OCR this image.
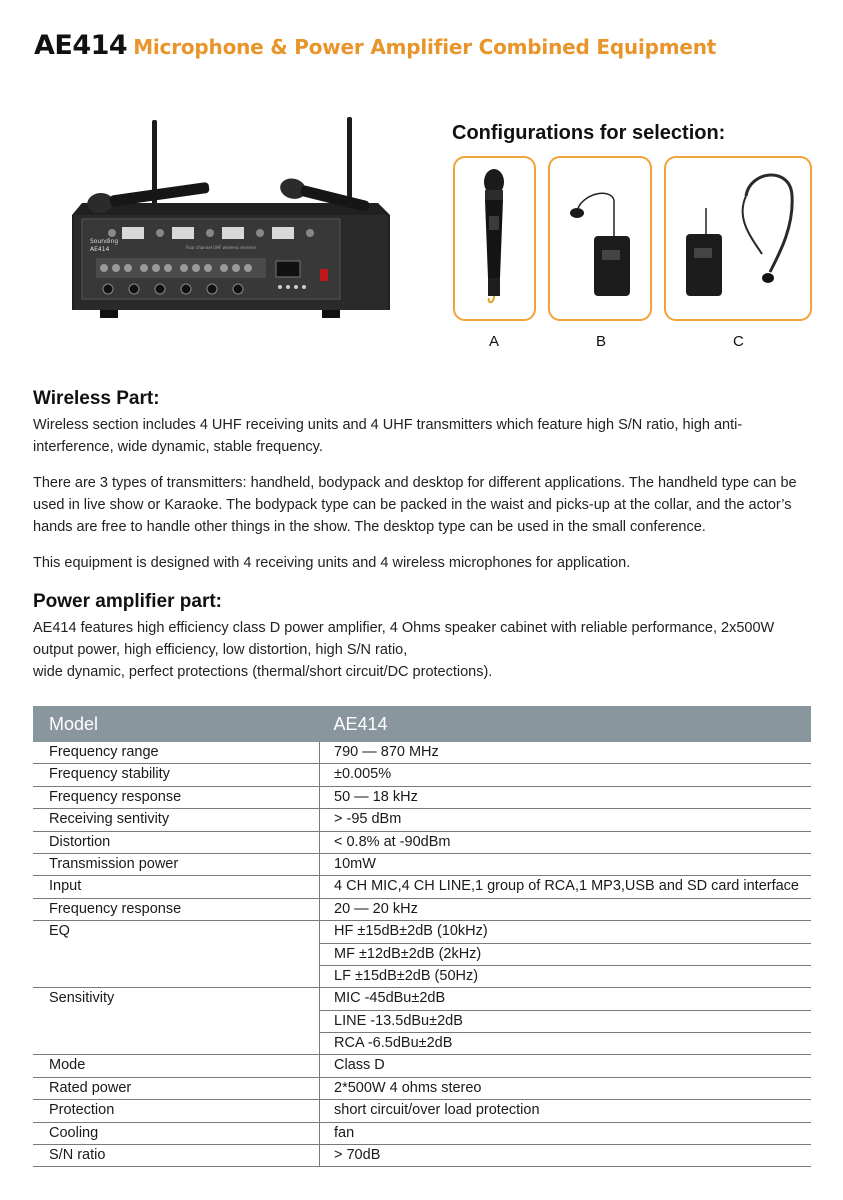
AE414 Microphone & Power Amplifier Combined Equipment
Sounding
AE414	Four channel UHF wireless receiver
Configurations for selection:
A	B	C
Wireless Part:

Wireless section includes 4 UHF receiving units and 4 UHF transmitters which feature high S/N ratio, high anti-interference, wide dynamic, stable frequency.

There are 3 types of transmitters: handheld, bodypack and desktop for different applications. The handheld type can be used in live show or Karaoke. The bodypack type can be packed in the waist and picks-up at the collar, and the actor’s hands are free to handle other things in the show. The desktop type can be used in the small conference.

This equipment is designed with 4 receiving units and 4 wireless microphones for application.

Power amplifier part:

AE414 features high efficiency class D power amplifier, 4 Ohms speaker cabinet with reliable performance, 2x500W output power, high efficiency, low distortion, high S/N ratio,
wide dynamic, perfect protections (thermal/short circuit/DC protections).

Model	AE414
Frequency range	790 — 870 MHz
Frequency stability	±0.005%
Frequency response	50 — 18 kHz
Receiving sentivity	> -95 dBm
Distortion	< 0.8% at -90dBm
Transmission power	10mW
Input	4 CH MIC,4 CH LINE,1 group of RCA,1 MP3,USB and SD card interface
Frequency response	20 — 20 kHz
EQ	HF ±15dB±2dB (10kHz)
	MF ±12dB±2dB (2kHz)
	LF ±15dB±2dB (50Hz)
Sensitivity	MIC -45dBu±2dB
	LINE -13.5dBu±2dB
	RCA -6.5dBu±2dB
Mode	Class D
Rated power	2*500W 4 ohms stereo
Protection	short circuit/over load protection
Cooling	fan
S/N ratio	> 70dB
